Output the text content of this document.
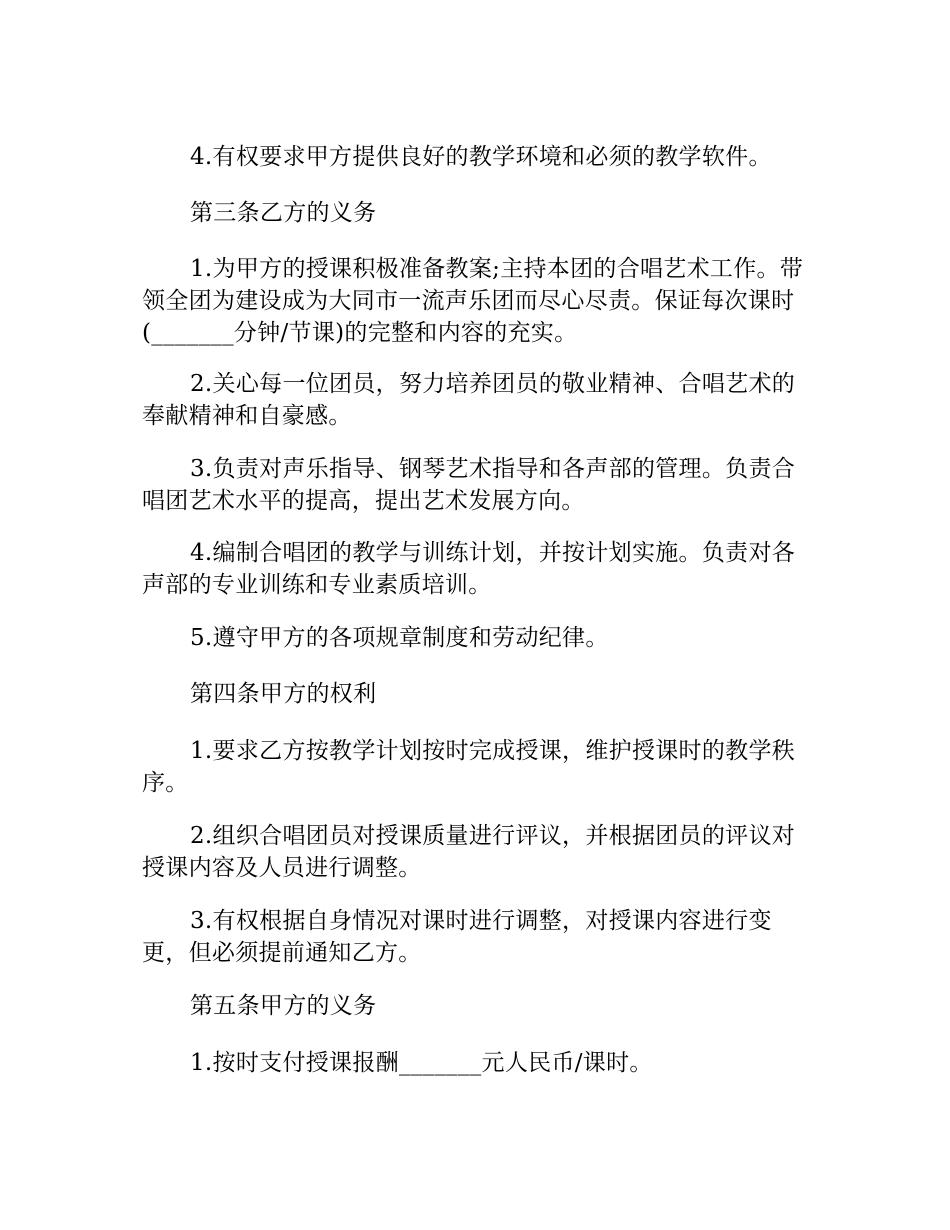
4.有权要求甲方提供良好的教学环境和必须的教学软件。

第三条乙方的义务

1.为甲方的授课积极准备教案;主持本团的合唱艺术工作。带领全团为建设成为大同市一流声乐团而尽心尽责。保证每次课时(_______分钟/节课)的完整和内容的充实。

2.关心每一位团员，努力培养团员的敬业精神、合唱艺术的奉献精神和自豪感。

3.负责对声乐指导、钢琴艺术指导和各声部的管理。负责合唱团艺术水平的提高，提出艺术发展方向。

4.编制合唱团的教学与训练计划，并按计划实施。负责对各声部的专业训练和专业素质培训。

5.遵守甲方的各项规章制度和劳动纪律。

第四条甲方的权利

1.要求乙方按教学计划按时完成授课，维护授课时的教学秩序。

2.组织合唱团员对授课质量进行评议，并根据团员的评议对授课内容及人员进行调整。

3.有权根据自身情况对课时进行调整，对授课内容进行变更，但必须提前通知乙方。

第五条甲方的义务

1.按时支付授课报酬_______元人民币/课时。
